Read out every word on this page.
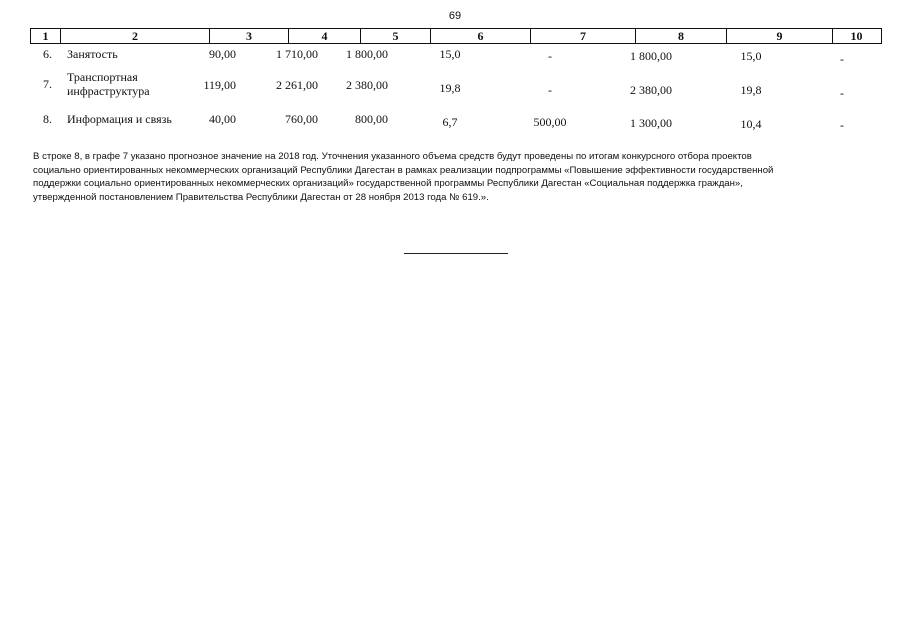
69
1	2	3	4	5	6	7	8	9	10
6. Занятость	90,00	1 710,00	1 800,00	15,0	-	1 800,00	15,0	-
7. Транспортная
инфраструктура	119,00	2 261,00	2 380,00	19,8	-	2 380,00	19,8	-
8. Информация и связь	40,00	760,00	800,00	6,7	500,00	1 300,00	10,4	-
В строке 8, в графе 7 указано прогнозное значение на 2018 год. Уточнения указанного объема средств будут проведены по итогам конкурсного отбора проектов социально ориентированных некоммерческих организаций Республики Дагестан в рамках реализации подпрограммы «Повышение эффективности государственной поддержки социально ориентированных некоммерческих организаций» государственной программы Республики Дагестан «Социальная поддержка граждан», утвержденной постановлением Правительства Республики Дагестан от 28 ноября 2013 года № 619.».
